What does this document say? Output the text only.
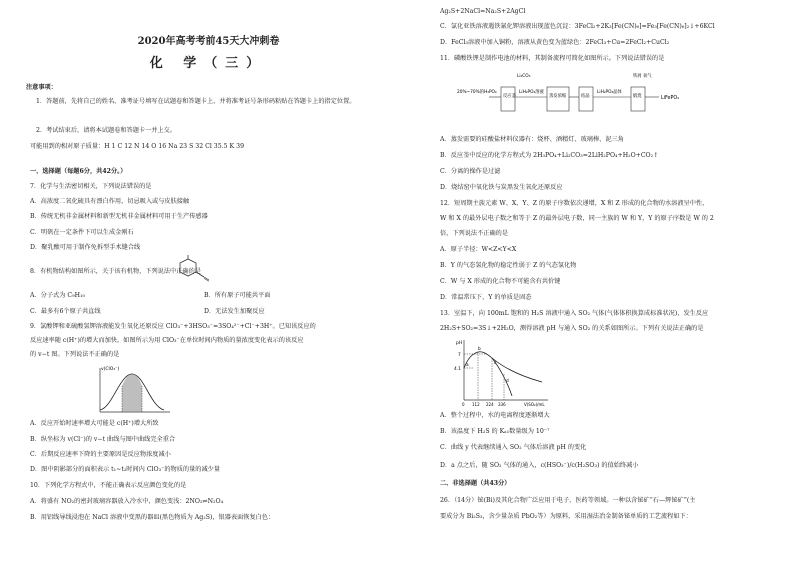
2020年高考考前45天大冲刺卷
化 学（三）
注意事项：
1．答题前，先将自己的姓名、准考证号填写在试题卷和答题卡上，并将准考证号条形码粘贴在答题卡上的指定位置。
2．考试结束后，请将本试题卷和答题卡一并上交。
可能用到的相对原子质量：H 1 C 12 N 14 O 16 Na 23 S 32 Cl 35.5 K 39
一、选择题（每题6分，共42分。）
7．化学与生活密切相关，下列说法错误的是
A．高浓度二氧化硫具有漂白作用，切忌吸入或与皮肤接触
B．传统无机非金属材料和新型无机非金属材料可用于生产传感器
C．明矾在一定条件下可以生成金刚石
D．聚乳酸可用于制作免拆型手术缝合线
8．有机物结构如图所示，关于该有机物，下列说法中正确的是
A．分子式为 C₉H₁₀	B．所有原子可能共平面
C．最多有6个原子共直线	D．无法发生加聚反应
9．氯酸钾和亚硫酸氢钾溶液能发生氧化还原反应 ClO₃⁻+3HSO₃⁻=3SO₄²⁻+Cl⁻+3H⁺。已知该反应的
反应速率随 c(H⁺)的增大而加快。如图所示为用 ClO₃⁻在单位时间内物质的量浓度变化表示的该反应
的 v−t 图。下列说法不正确的是
v(ClO₃⁻)
A．反应开始时速率增大可能是 c(H⁺)增大所致
B．纵坐标为 v(Cl⁻)的 v−t 曲线与图中曲线完全重合
C．后期反应速率下降的主要原因是反应物浓度减小
D．图中阴影部分的面积表示 t₁~t₂时间内 ClO₃⁻的物质的量的减少量
10．下列化学方程式中，不能正确表示反应颜色变化的是
A．将盛有 NO₂的密封玻璃容器放入冷水中，颜色变浅：2NO₂⇌N₂O₄
B．用铝线导线浸泡在 NaCl 溶液中变黑的器皿(黑色物质为 Ag₂S)，银器表面恢复白色：
Ag₂S+2NaCl=Na₂S+2AgCl
C．氯化亚铁溶液遇铁氰化钾溶液出现蓝色沉淀：3FeCl₂+2K₃[Fe(CN)₆]=Fe₃[Fe(CN)₆]₂↓+6KCl
D．FeCl₃溶液中加入铜粉，溶液从黄色变为蓝绿色：2FeCl₃+Cu=2FeCl₂+CuCl₂
11．磷酸铁锂是制作电池的材料，其制备流程可简化如图所示。下列说法错误的是
20%~70%的H₃PO₄
反应釜
Li₂CO₃
LiH₂PO₄溶液
蒸发浓缩	结晶
LiH₂PO₄晶体
煅烧
铁屑 氧气
LiFePO₄
A．蒸发需要的硅酸盐材料仪器有：烧杯、酒精灯、玻璃棒、泥三角
B．反应釜中反应的化学方程式为 2H₃PO₄+Li₂CO₃=2LiH₂PO₄+H₂O+CO₂↑
C．分离的操作是过滤
D．烧结窑中氧化铁与炭黑发生氧化还原反应
12．短周期主族元素 W、X、Y、Z 的原子序数依次递增，X 和 Z 形成的化合物的水溶液呈中性，
W 和 X 的最外层电子数之和等于 Z 的最外层电子数，同一主族的 W 和 Y，Y 的原子序数是 W 的 2
倍，下列说法不正确的是
A．原子半径：W<Z<Y<X
B．Y 的气态氢化物的稳定性弱于 Z 的气态氢化物
C．W 与 X 形成的化合物不可能含有共价键
D．常温常压下，Y 的单质是固态
13．室温下，向 100mL 饱和的 H₂S 溶液中通入 SO₂ 气体(气体体积换算成标准状况)，发生反应
2H₂S+SO₂=3S↓+2H₂O，测得溶液 pH 与通入 SO₂ 的关系如图所示。下列有关说法正确的是
pH
7
4.1
a
b
c
d
0 112 224 336	V(SO₂)/mL
A．整个过程中，水的电离程度逐渐增大
B．该温度下 H₂S 的 Kₐ₁数量级为 10⁻⁷
C．曲线 y 代表继续通入 SO₂ 气体后溶液 pH 的变化
D．a 点之后，随 SO₂ 气体的通入，c(HSO₃⁻)/c(H₂SO₃) 的值始终减小
二、非选择题（共43分）
26．（14分）铋(Bi)及其化合物广泛应用于电子、医药等领域。一种以含铋矿“石—辉铋矿”(主
要成分为 Bi₂S₃，含少量杂质 PbO₂等）为原料，采用湿法冶金制备铋单质的工艺流程如下：
